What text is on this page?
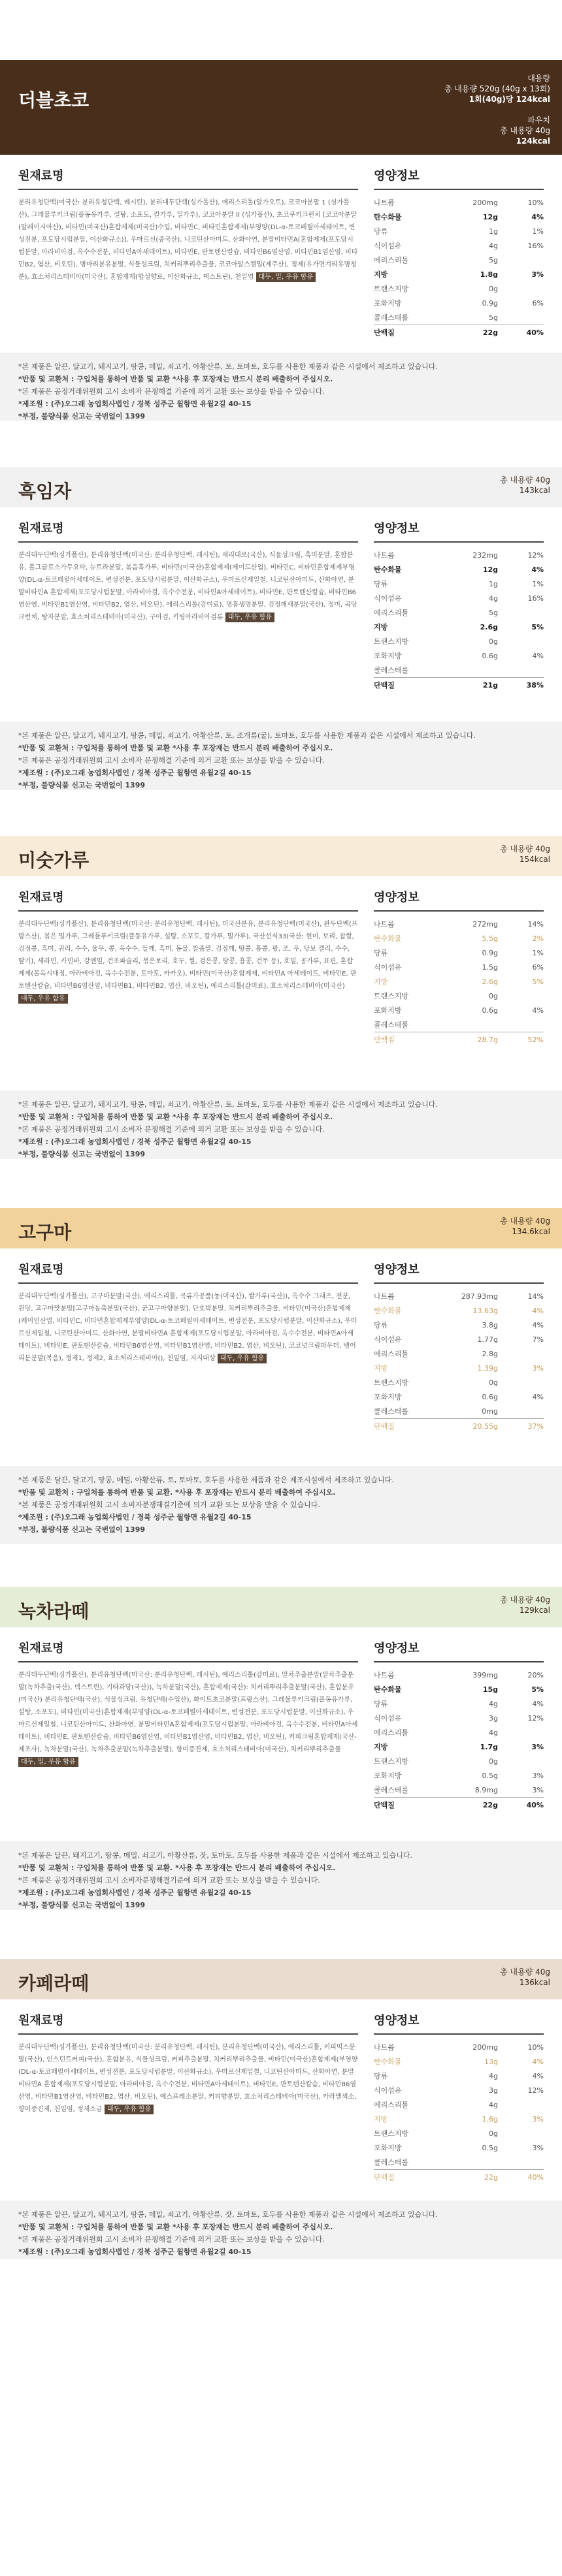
더블초코
대용량
총 내용량 520g (40g x 13회)
1회(40g)당 124kcal

파우치
총 내용량 40g
124kcal
원재료명
분리유청단백(미국산: 분리유청단백, 레시틴), 분리대두단백(싱가폴산), 에리스리톨(알가오트), 코코아분말 1 (싱가폴산), 그레뮬루키크림(플동유가루, 설탕, 소포도, 칼가루, 밀가루), 코코아분말 II (싱가폴산), 초코쿠키크런치 [코코아분말(말레이시아산), 비타민(미국산)혼합제제(미국산)수입, 비타민C, 비타민혼합제제(부영양(DL-α-토코페릴아세테이트, 변성전분, 포도당시럽분말, 이산화규소)], 우마르신(중국산), 니코틴산아미드, 산화아연, 분말비타민A(혼합제제(포도당시럽분말, 아라비아검, 옥수수전분, 비타민A아세테이트), 비타민E, 판토텐산칼슘, 비타민B6염산염, 비타민B1염산염, 비타민B2, 엽산, 비오틴), 병마리분유분말, 식물성크림, 치커리뿌리추출물, 코코아알스캠밀(제주산), 정제(유가면겨리유명청분), 효소처리스테비아(미국산), 혼합제제(합성향료, 이산화규소, 덱스트린), 천일염 대두, 밀, 우유 함유
영양정보
나트륨	200mg	10%
탄수화물	12g	4%
당류	1g	1%
식이섬유	4g	16%
에리스리톨	5g	
지방	1.8g	3%
트랜스지방	0g	
포화지방	0.9g	6%
콜레스테롤	5g	
단백질	22g	40%
*본 제품은 알끈, 달고기, 돼지고기, 땅콩, 메밀, 쇠고기, 아황산류, 토, 토마토, 호두를 사용한 제품과 같은 시설에서 제조하고 있습니다.
*반품 및 교환처 : 구입처를 통하여 반품 및 교환 *사용 후 포장재는 반드시 분리 배출하여 주십시오.
*본 제품은 공정거래위원회 고시 소비자 분쟁해결 기준에 의거 교환 또는 보상을 받을 수 있습니다.
*제조원 : (주)오그래 농업회사법인 / 경북 성주군 월항면 유월2길 40-15
*부정, 불량식품 신고는 국번없이 1399
흑임자
총 내용량 40g
143kcal
원재료명
분리대두단백(싱가폴산), 분리유청단백(미국산: 분리유청단백, 레시틴), 새리대로(국산), 식물성크림, 흑미분말, 혼합분유, 볼그글로소가무요약, 뉴트라분말, 볶음흑가루, 비타민(미국산)혼합제제(제이드산업), 비타민C, 비타민혼합제제부영양(DL-α-토코페릴아세테이트, 변성전분, 포도당시럽분말, 이산화규소), 우마르신제일철, 니코틴산아미드, 산화아연, 분말비타민A 혼합제제(포도당시럽분말, 아라비아검, 옥수수전분, 비타민A아세테이트), 비타민E, 판토텐산칼슘, 비타민B6염산염, 비타민B1염산염, 비타민B2, 엽산, 비오틴), 에리스리톨(감미료), 명흥생명분말, 검정깨새분말(국산), 정미, 곡당크런치, 탕자분말, 효소처리스테비아(미국산), 구아검, 키링아라비아검류 대두, 우유 함유
영양정보
나트륨	232mg	12%
탄수화물	12g	4%
당류	1g	1%
식이섬유	4g	16%
에리스리톨	5g	
지방	2.6g	5%
트랜스지방	0g	
포화지방	0.6g	4%
콜레스테롤		
단백질	21g	38%
*본 제품은 알끈, 달고기, 돼지고기, 땅콩, 메밀, 쇠고기, 아황산류, 토, 조개류(굴), 토마토, 호두를 사용한 제품과 같은 시설에서 제조하고 있습니다.
*반품 및 교환처 : 구입처를 통하여 반품 및 교환 *사용 후 포장재는 반드시 분리 배출하여 주십시오.
*본 제품은 공정거래위원회 고시 소비자 분쟁해결 기준에 의거 교환 또는 보상을 받을 수 있습니다.
*제조원 : (주)오그래 농업회사법인 / 경북 성주군 월항면 유월2길 40-15
*부정, 불량식품 신고는 국번없이 1399
미숫가루
총 내용량 40g
154kcal
원재료명
분리대두단백(싱가폴산), 분리유청단백(미국산: 분리유청단백, 레시틴), 미국산분유, 분리유청단백(미국산), 완두단백(프랑스산), 볶은 밀가루, 그레뮬루키크림(플동유가루, 설탕, 소포도, 칼가루, 밀가루), 국산선식33(국산: 현미, 보리, 찹쌀, 검정콩, 흑미, 귀리, 수수, 율무, 콩, 옥수수, 들깨, 흑미, 동물, 찰좁쌀, 검정깨, 땅콩, 흡콩, 팥, 조, 우, 당보 캘리, 수수, 딸기), 세라민, 카민바, 강엔밀, 건조파슬리, 볶은보리, 호두, 씰, 검은콩, 땅콩, 흡콩, 건무 등), 호밀, 공가루, 표핀, 혼합제제(볼옥시대정, 아라비아검, 옥수수전분, 토마토, 카카오), 비타민(미국산)혼합제제, 비타민A 아세테이트, 비타민E, 판토텐산칼슘, 비타민B6염산염, 비타민B1, 비타민B2, 엽산, 비오틴), 에리스리톨(감미료), 효소처리스테비아(미국산) 대두, 우유 함유
영양정보
나트륨	272mg	14%
탄수화물	5.5g	2%
당류	0.9g	1%
식이섬유	1.5g	6%
지방	2.6g	5%
트랜스지방	0g	
포화지방	0.6g	4%
콜레스테롤		
단백질	28.7g	52%
*본 제품은 알끈, 달고기, 돼지고기, 땅콩, 메밀, 쇠고기, 아황산류, 토, 토마토, 호두를 사용한 제품과 같은 시설에서 제조하고 있습니다.
*반품 및 교환처 : 구입처를 통하여 반품 및 교환 *사용 후 포장재는 반드시 분리 배출하여 주십시오.
*본 제품은 공정거래위원회 고시 소비자 분쟁해결 기준에 의거 교환 또는 보상을 받을 수 있습니다.
*제조원 : (주)오그래 농업회사법인 / 경북 성주군 월항면 유월2길 40-15
*부정, 불량식품 신고는 국번없이 1399
고구마
총 내용량 40g
134.6kcal
원재료명
분리대두단백(싱가폴산), 고구마분말(국산), 에리스리톨, 곡류가공품(농(미국산), 쌀가루(국산)), 옥수수 그래즈, 전분, 원당, 고구마맛분말[고구마농축분말(국산), 군고구마향분말], 단호박분말, 치커리뿌리추출물, 비타민(미국산)혼합제제(케이인산업, 비타민C, 비타민혼합제제부영양(DL-α-토코페릴아세테이트, 변성전분, 포도당시럽분말, 이산화규소), 우마르신제일철, 니코틴산아미드, 산화아연, 분말비타민A 혼합제제(포도당시럽분말, 아라비아검, 옥수수전분, 비타민A아세테이트), 비타민E, 판토텐산칼슘, 비타민B6염산염, 비타민B1염산염, 비타민B2, 엽산, 비오틴), 코코넛크림파우더, 뱅어리분분말(복음), 정제1, 정제2, 효소처리스테비아(), 천일염, 지지대상 대두, 우유 함유
영양정보
나트륨	287.93mg	14%
탄수화물	13.63g	4%
당류	3.8g	4%
식이섬유	1.77g	7%
에리스리톨	2.8g	
지방	1.39g	3%
트랜스지방	0g	
포화지방	0.6g	4%
콜레스테롤	0mg	
단백질	20.55g	37%
*본 제품은 달끈, 달고기, 땅콩, 메밀, 아황산류, 토, 토마토, 호두를 사용한 제품과 같은 제조시설에서 제조하고 있습니다.
*반품 및 교환처 : 구입처를 통하여 반품 및 교환. *사용 후 포장재는 반드시 분리 배출하여 주십시오.
*본 제품은 공정거래위원회 고시 소비자분쟁해결기준에 의거 교환 또는 보상을 받을 수 있습니다.
*제조원 : (주)오그래 농업회사법인 / 경북 성주군 월항면 유월2길 40-15
*부정, 불량식품 신고는 국번없이 1399
녹차라떼
총 내용량 40g
129kcal
원재료명
분리대두단백(싱가폴산), 분리유청단백(미국산: 분리유청단백, 레시틴), 에리스리톨(감미료), 말차추출분말(말차추출분말(녹차추출(국산), 덱스트린), 기타과당(국산)), 녹차분말(국산), 혼합제제(국산): 치커리뿌리추출분말(국산), 혼합분유(미국산) 분리유청단백(국산), 식물성크림, 유청단백(수입산), 화이트초코분말(프랑스산), 그레뮬루키크림(플동유가루, 설탕, 소포도), 비타민(미국산)혼합제제(부영양(DL-α-토코페릴아세테이트, 변성전분, 포도당시럽분말, 이산화규소), 우마르신제일철, 니코틴산아미드, 산화아연, 분말비타민A혼합제제(포도당시럽분말, 아라비아검, 옥수수전분, 비타민A아세테이트), 비타민E, 판토텐산칼슘, 비타민B6염산염, 비타민B1염산염, 비타민B2, 엽산, 비오틴), 커피크림혼합제제(국산-제조사), 녹차분말(국산), 녹차추출분말(녹차추출분말), 향미증진제, 효소처리스테비아(미국산), 치커리뿌리추출물 대두, 밀, 우유 함유
영양정보
나트륨	399mg	20%
탄수화물	15g	5%
당류	4g	4%
식이섬유	3g	12%
에리스리톨	4g	
지방	1.7g	3%
트랜스지방	0g	
포화지방	0.5g	3%
콜레스테롤	8.9mg	3%
단백질	22g	40%
*본 제품은 달끈, 돼지고기, 땅콩, 메밀, 쇠고기, 아황산류, 잣, 토마토, 호두를 사용한 제품과 같은 시설에서 제조하고 있습니다.
*반품 및 교환처 : 구입처를 통하여 반품 및 교환. *사용 후 포장재는 반드시 분리 배출하여 주십시오.
*본 제품은 공정거래위원회 고시 소비자분쟁해결기준에 의거 교환 또는 보상을 받을 수 있습니다.
*제조원 : (주)오그래 농업회사법인 / 경북 성주군 월항면 유월2길 40-15
*부정, 불량식품 신고는 국번없이 1399
카페라떼
총 내용량 40g
136kcal
원재료명
분리대두단백(싱가폴산), 분리유청단백(미국산: 분리유청단백, 레시틴), 분리유청단백(미국산), 에리스리톨, 커피믹스분말(국산), 인스턴트커피(국산), 혼합분유, 식물성크림, 커피추출분말, 치커리뿌리추출물, 비타민(미국산)혼합제제(부영양(DL-α-토코페릴아세테이트, 변성전분, 포도당시럽분말, 이산화규소), 우마르신제일철, 니코틴산아미드, 산화아연, 분말비타민A 혼합제제(포도당시럽분말, 아라비아검, 옥수수전분, 비타민A아세테이트), 비타민E, 판토텐산칼슘, 비타민B6염산염, 비타민B1염산염, 비타민B2, 엽산, 비오틴), 에스프레소분말, 커피향분말, 효소처리스테비아(미국산), 카라멜색소, 향미증진제, 천일염, 정제소금 대두, 우유 함유
영양정보
나트륨	200mg	10%
탄수화물	13g	4%
당류	4g	4%
식이섬유	3g	12%
에리스리톨	4g	
지방	1.6g	3%
트랜스지방	0g	
포화지방	0.5g	3%
콜레스테롤		
단백질	22g	40%
*본 제품은 알끈, 달고기, 돼지고기, 땅콩, 메밀, 쇠고기, 아황산류, 잣, 토마토, 호두를 사용한 제품과 같은 시설에서 제조하고 있습니다.
*반품 및 교환처 : 구입처를 통하여 반품 및 교환 *사용 후 포장재는 반드시 분리 배출하여 주십시오.
*본 제품은 공정거래위원회 고시 소비자 분쟁해결 기준에 의거 교환 또는 보상을 받을 수 있습니다.
*제조원 : (주)오그래 농업회사법인 / 경북 성주군 월항면 유월2길 40-15
